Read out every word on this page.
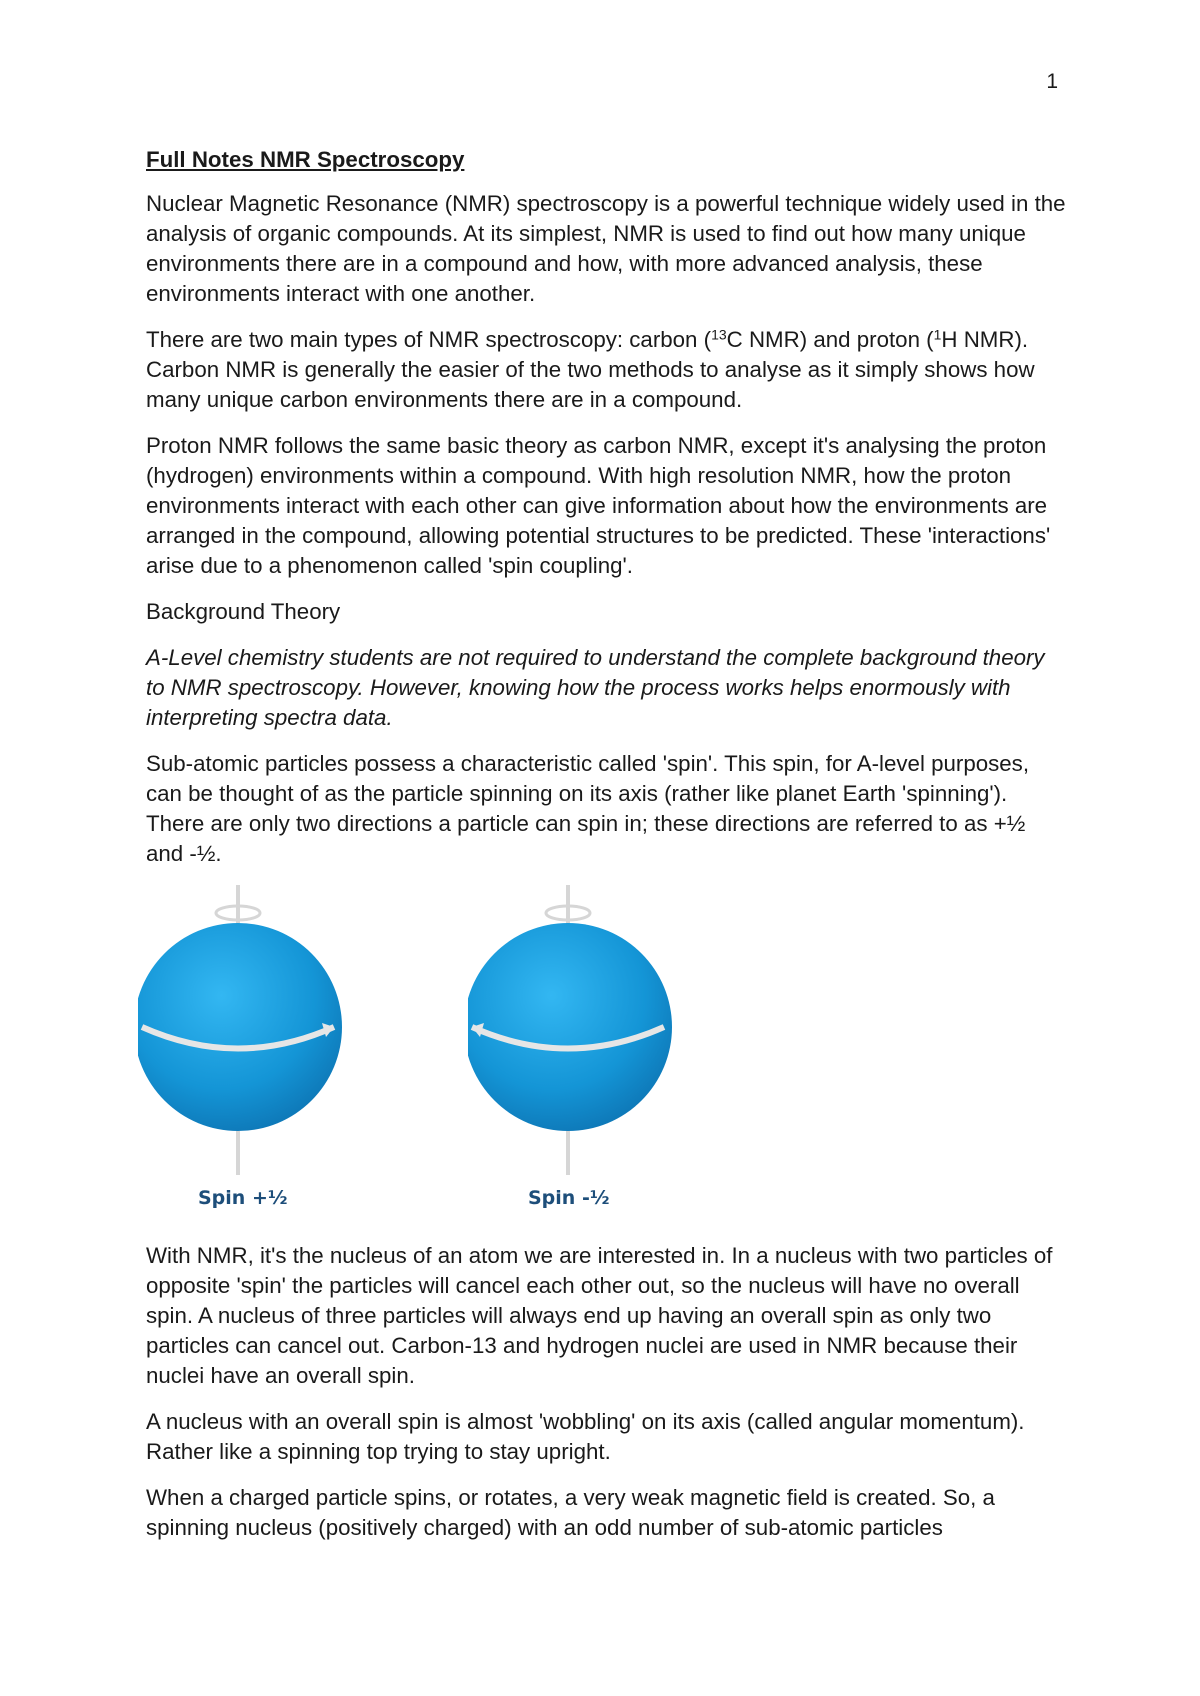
1
Full Notes NMR Spectroscopy

Nuclear Magnetic Resonance (NMR) spectroscopy is a powerful technique widely used in the analysis of organic compounds. At its simplest, NMR is used to find out how many unique environments there are in a compound and how, with more advanced analysis, these environments interact with one another.

There are two main types of NMR spectroscopy: carbon ($^{13}$C NMR) and proton ($^1$H NMR). Carbon NMR is generally the easier of the two methods to analyse as it simply shows how many unique carbon environments there are in a compound.

Proton NMR follows the same basic theory as carbon NMR, except it's analysing the proton (hydrogen) environments within a compound. With high resolution NMR, how the proton environments interact with each other can give information about how the environments are arranged in the compound, allowing potential structures to be predicted. These 'interactions' arise due to a phenomenon called 'spin coupling'.

Background Theory

A-Level chemistry students are not required to understand the complete background theory to NMR spectroscopy. However, knowing how the process works helps enormously with interpreting spectra data.

Sub-atomic particles possess a characteristic called 'spin'. This spin, for A-level purposes, can be thought of as the particle spinning on its axis (rather like planet Earth 'spinning'). There are only two directions a particle can spin in; these directions are referred to as +½ and -½.

Spin +½	Spin -½

With NMR, it's the nucleus of an atom we are interested in. In a nucleus with two particles of opposite 'spin' the particles will cancel each other out, so the nucleus will have no overall spin. A nucleus of three particles will always end up having an overall spin as only two particles can cancel out. Carbon-13 and hydrogen nuclei are used in NMR because their nuclei have an overall spin.

A nucleus with an overall spin is almost 'wobbling' on its axis (called angular momentum). Rather like a spinning top trying to stay upright.

When a charged particle spins, or rotates, a very weak magnetic field is created. So, a spinning nucleus (positively charged) with an odd number of sub-atomic particles
